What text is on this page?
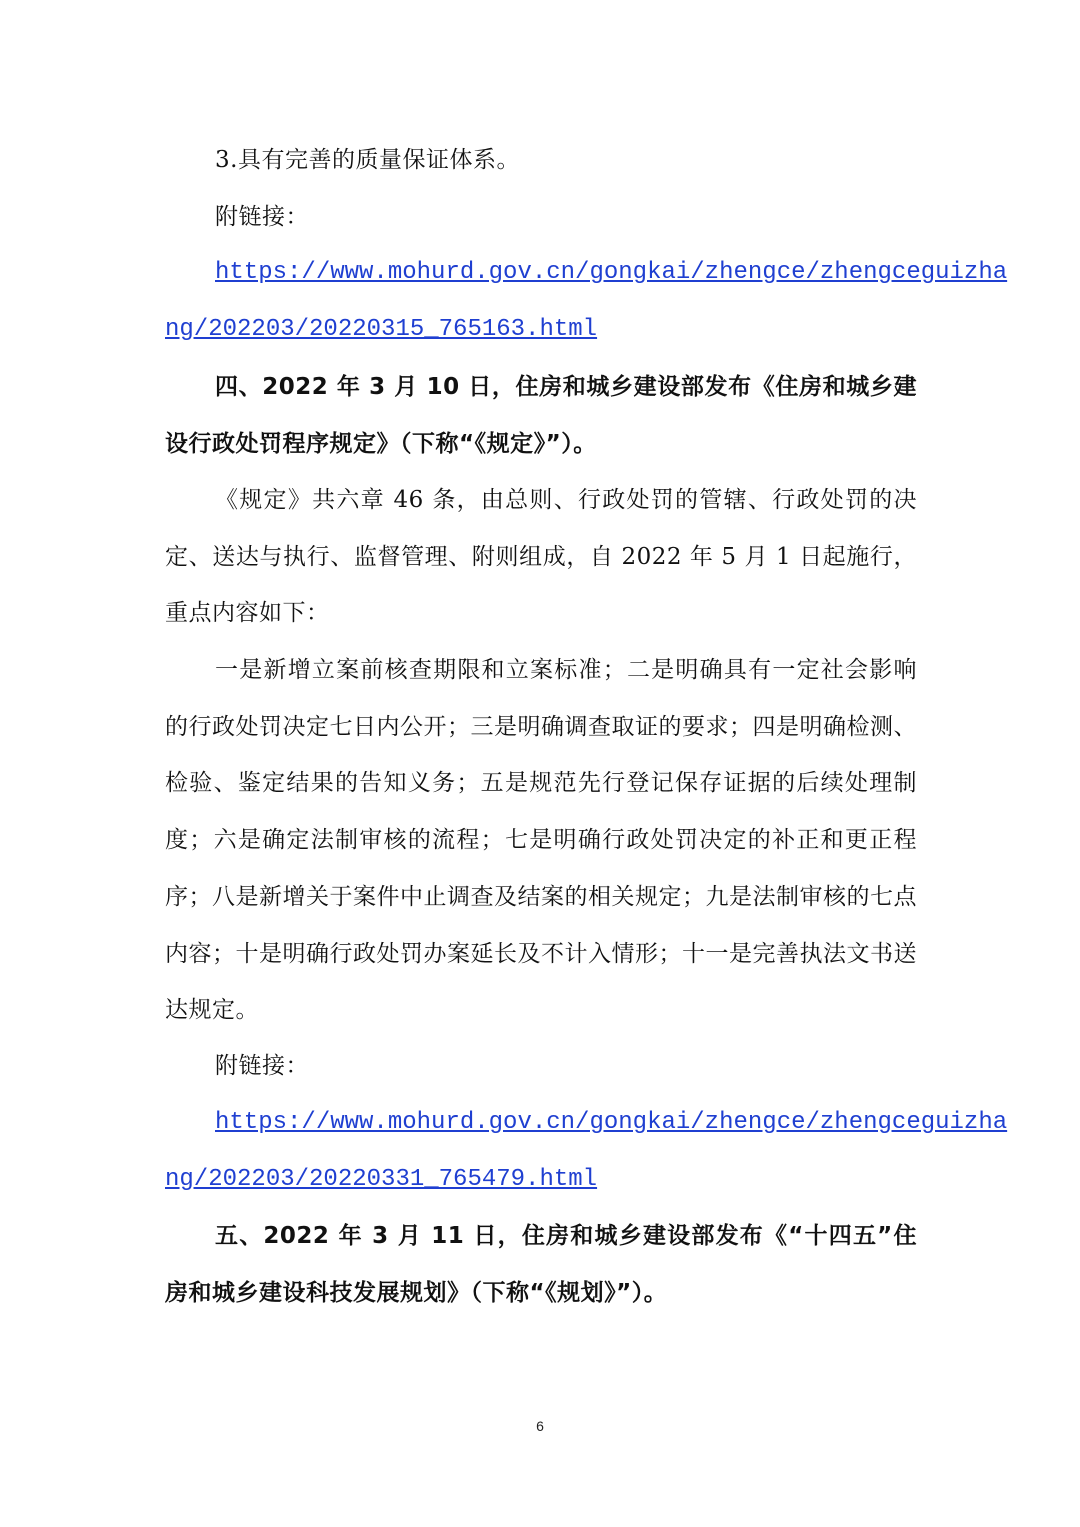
3.具有完善的质量保证体系。

附链接：

https://www.mohurd.gov.cn/gongkai/zhengce/zhengceguizha
ng/202203/20220315_765163.html

四、2022 年 3 月 10 日，住房和城乡建设部发布《住房和城乡建设行政处罚程序规定》（下称“《规定》”）。

《规定》共六章 46 条，由总则、行政处罚的管辖、行政处罚的决定、送达与执行、监督管理、附则组成，自 2022 年 5 月 1 日起施行，重点内容如下：

一是新增立案前核查期限和立案标准；二是明确具有一定社会影响的行政处罚决定七日内公开；三是明确调查取证的要求；四是明确检测、检验、鉴定结果的告知义务；五是规范先行登记保存证据的后续处理制度；六是确定法制审核的流程；七是明确行政处罚决定的补正和更正程序；八是新增关于案件中止调查及结案的相关规定；九是法制审核的七点内容；十是明确行政处罚办案延长及不计入情形；十一是完善执法文书送达规定。

附链接：

https://www.mohurd.gov.cn/gongkai/zhengce/zhengceguizha
ng/202203/20220331_765479.html

五、2022 年 3 月 11 日，住房和城乡建设部发布《“十四五”住房和城乡建设科技发展规划》（下称“《规划》”）。

6
